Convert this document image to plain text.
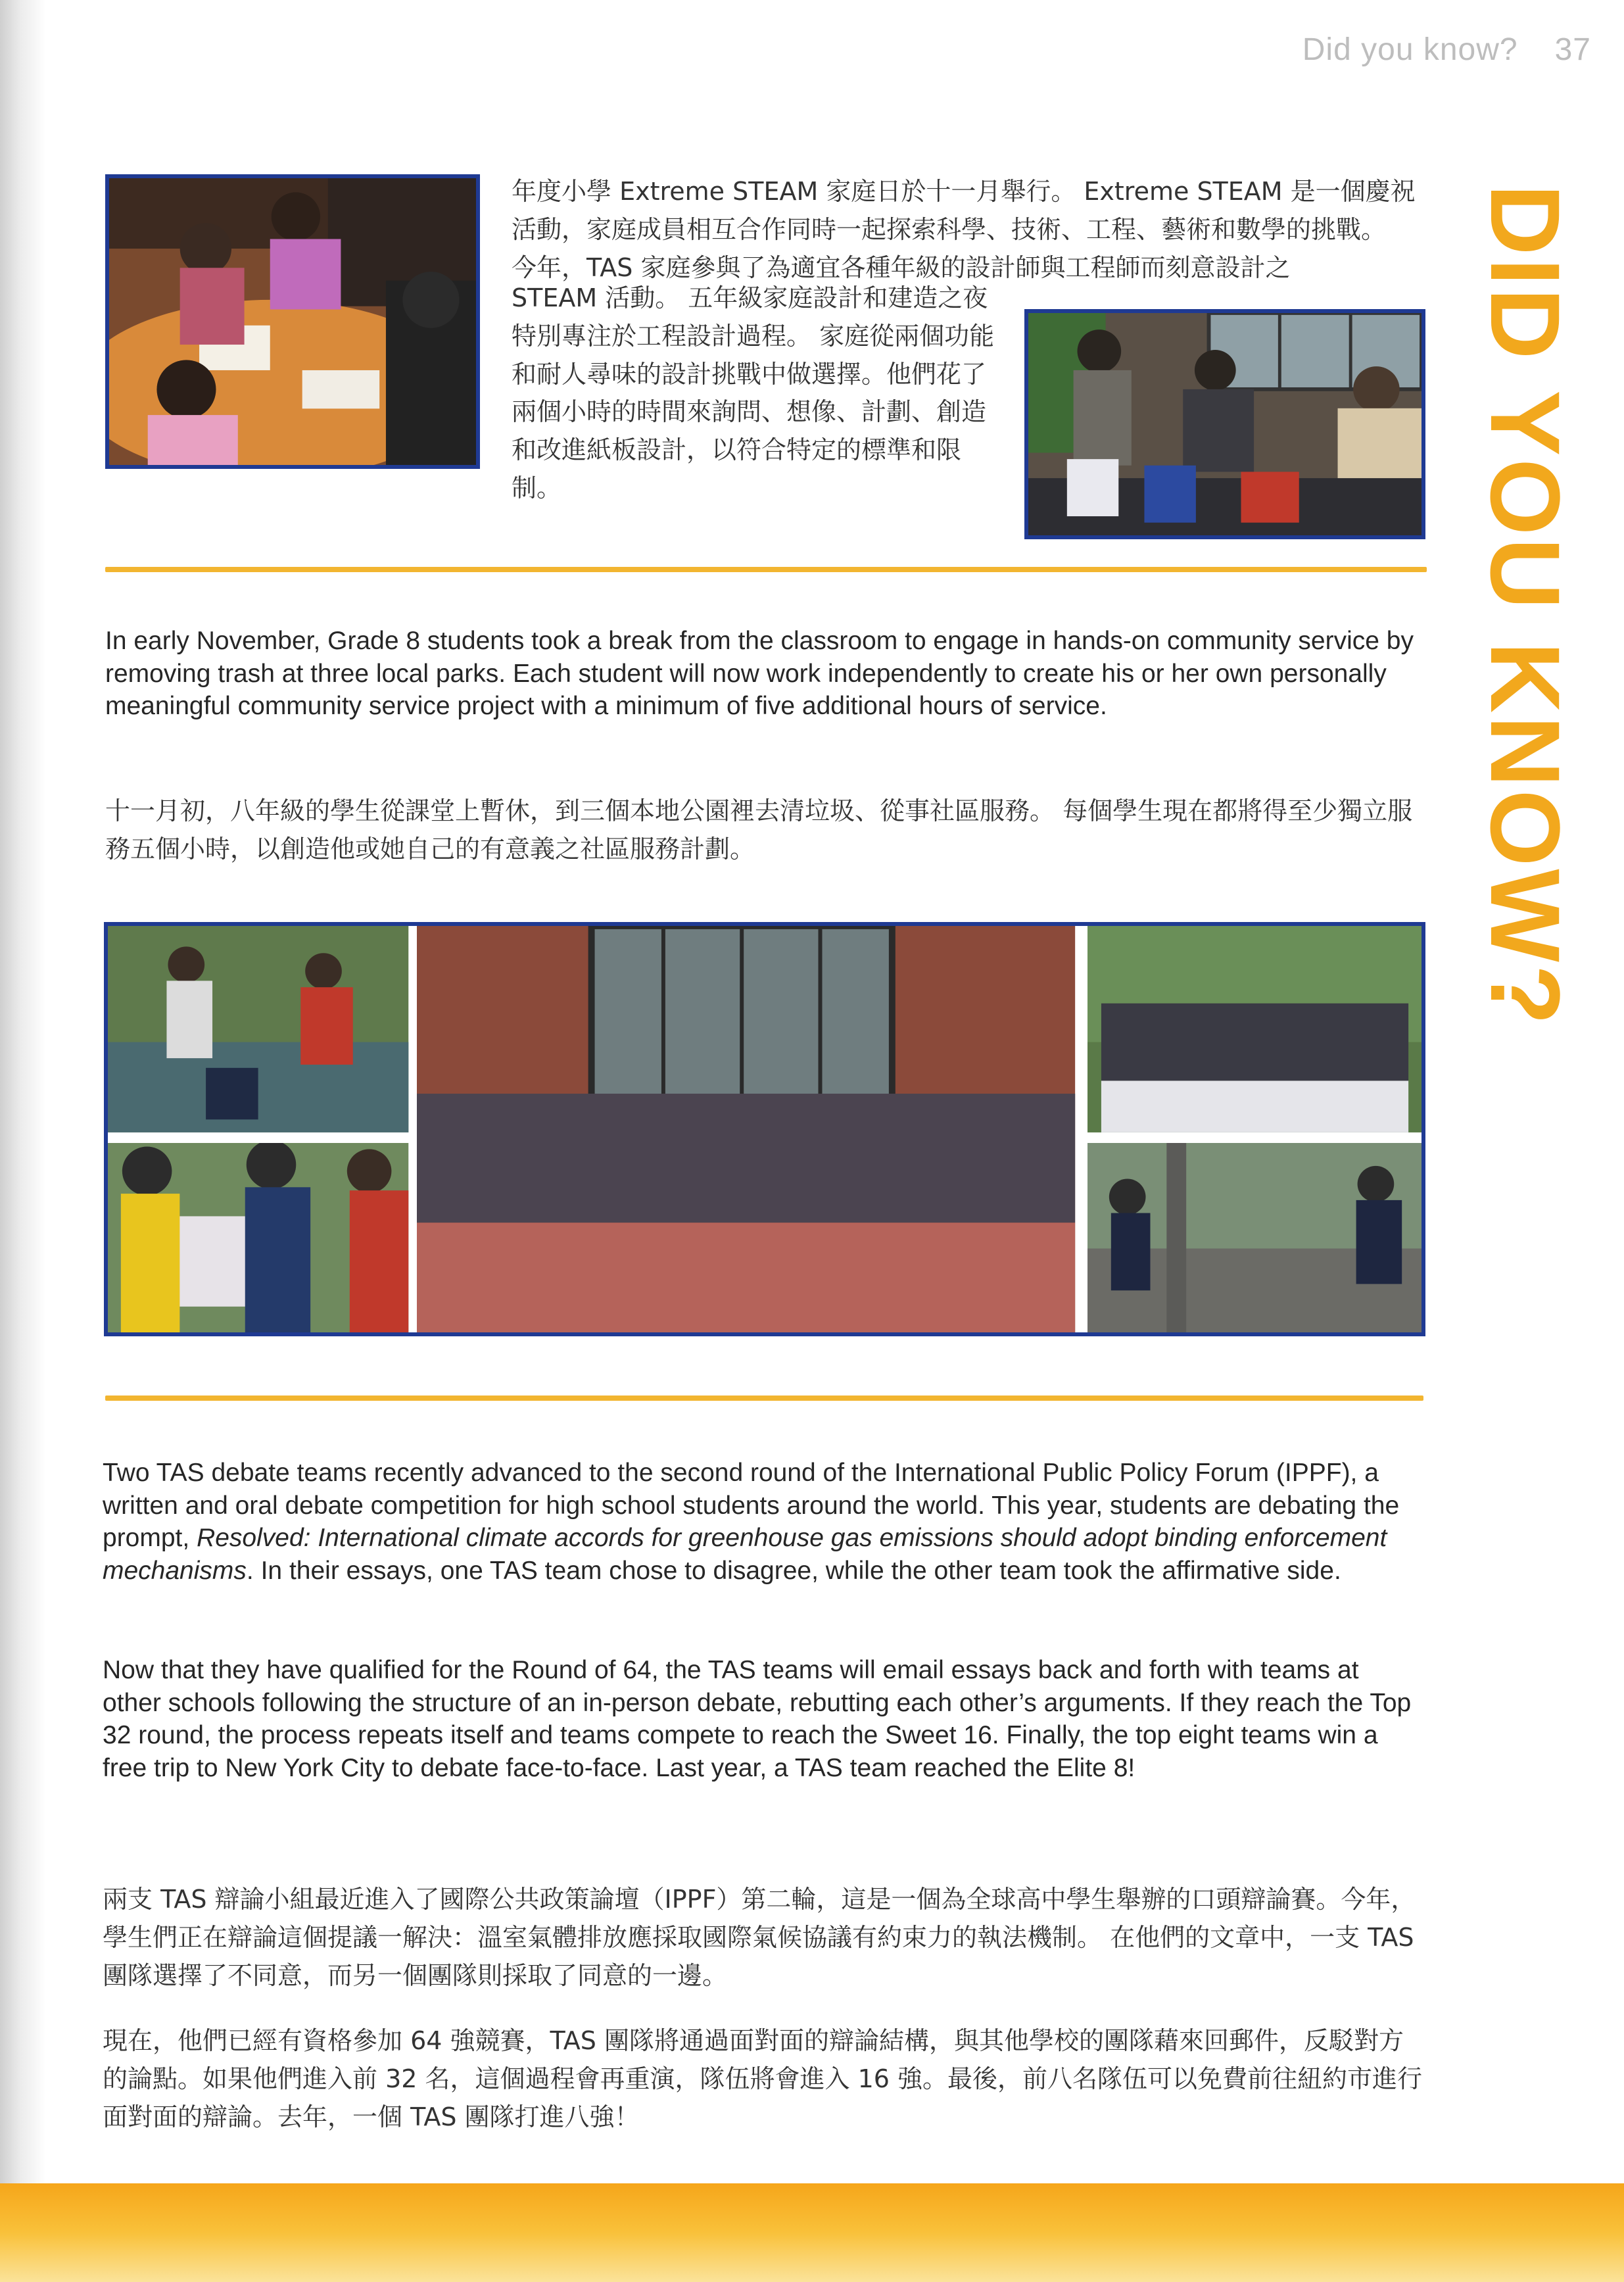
Did you know? 37
DID YOU KNOW?
年度小學 Extreme STEAM 家庭日於十一月舉行。 Extreme STEAM 是一個慶祝活動，家庭成員相互合作同時一起探索科學、技術、工程、藝術和數學的挑戰。 今年，TAS 家庭參與了為適宜各種年級的設計師與工程師而刻意設計之
STEAM 活動。 五年級家庭設計和建造之夜特別專注於工程設計過程。 家庭從兩個功能和耐人尋味的設計挑戰中做選擇。他們花了兩個小時的時間來詢問、想像、計劃、創造和改進紙板設計，以符合特定的標準和限制。
In early November, Grade 8 students took a break from the classroom to engage in hands-on community service by removing trash at three local parks. Each student will now work independently to create his or her own personally meaningful community service project with a minimum of five additional hours of service.
十一月初，八年級的學生從課堂上暫休，到三個本地公園裡去清垃圾、從事社區服務。 每個學生現在都將得至少獨立服務五個小時，以創造他或她自己的有意義之社區服務計劃。
Two TAS debate teams recently advanced to the second round of the International Public Policy Forum (IPPF), a written and oral debate competition for high school students around the world. This year, students are debating the prompt, Resolved: International climate accords for greenhouse gas emissions should adopt binding enforcement mechanisms. In their essays, one TAS team chose to disagree, while the other team took the affirmative side.
Now that they have qualified for the Round of 64, the TAS teams will email essays back and forth with teams at other schools following the structure of an in-person debate, rebutting each other’s arguments. If they reach the Top 32 round, the process repeats itself and teams compete to reach the Sweet 16. Finally, the top eight teams win a free trip to New York City to debate face-to-face. Last year, a TAS team reached the Elite 8!
兩支 TAS 辯論小組最近進入了國際公共政策論壇（IPPF）第二輪，這是一個為全球高中學生舉辦的口頭辯論賽。今年，學生們正在辯論這個提議一解決：溫室氣體排放應採取國際氣候協議有約束力的執法機制。 在他們的文章中，一支 TAS 團隊選擇了不同意，而另一個團隊則採取了同意的一邊。
現在，他們已經有資格參加 64 強競賽，TAS 團隊將通過面對面的辯論結構，與其他學校的團隊藉來回郵件，反駁對方的論點。如果他們進入前 32 名，這個過程會再重演，隊伍將會進入 16 強。最後，前八名隊伍可以免費前往紐約市進行面對面的辯論。去年，一個 TAS 團隊打進八強！
